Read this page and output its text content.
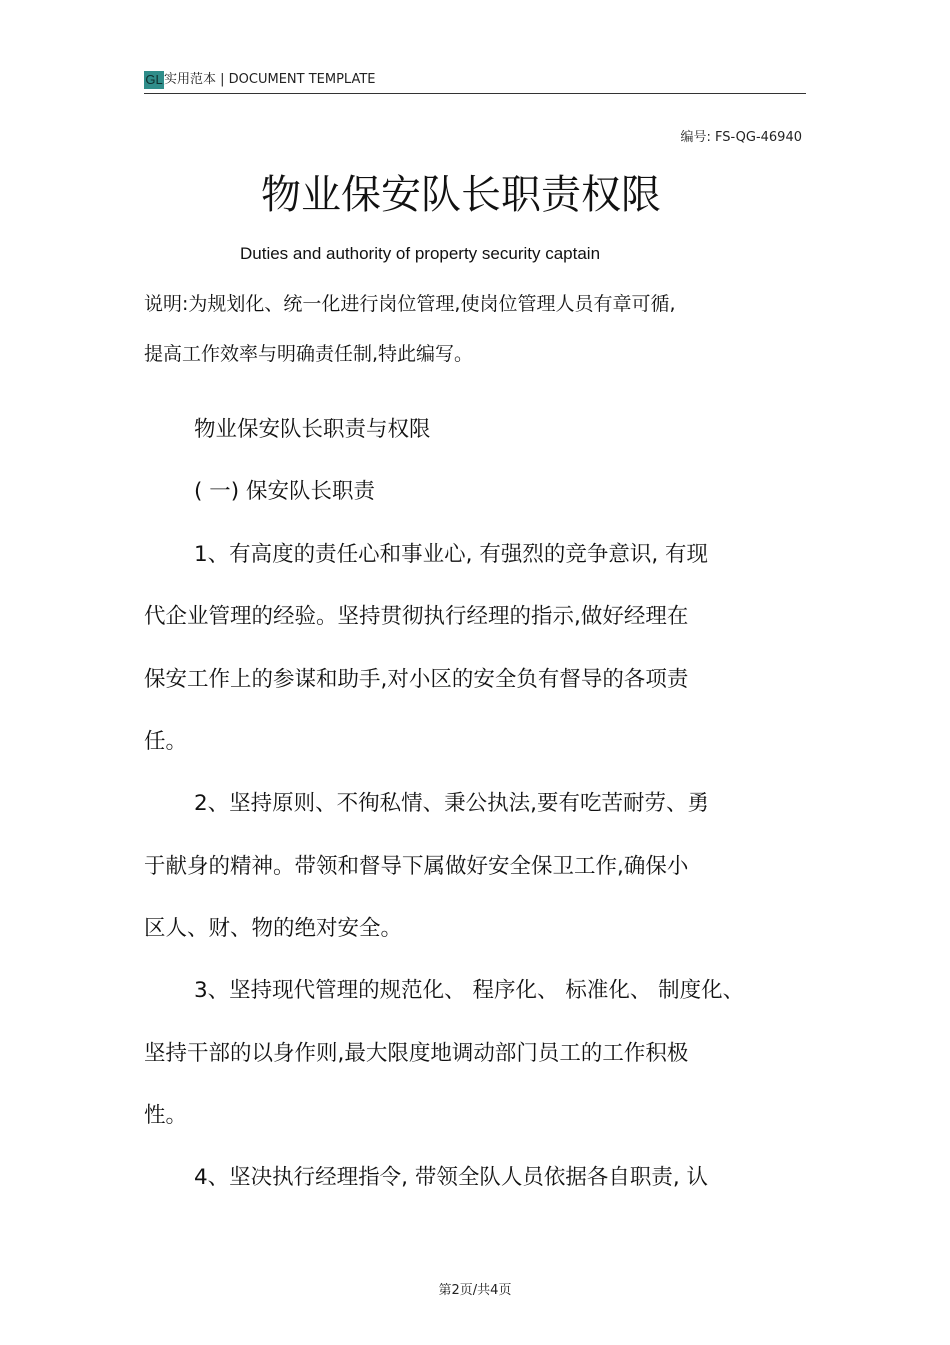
GL 实用范本 | DOCUMENT TEMPLATE
编号: FS-QG-46940
物业保安队长职责权限
Duties and authority of property security captain
说明:为规划化、统一化进行岗位管理,使岗位管理人员有章可循,
提高工作效率与明确责任制,特此编写。
物业保安队长职责与权限
( 一) 保安队长职责
1、有高度的责任心和事业心, 有强烈的竞争意识, 有现
代企业管理的经验。坚持贯彻执行经理的指示,做好经理在
保安工作上的参谋和助手,对小区的安全负有督导的各项责
任。
2、坚持原则、不徇私情、秉公执法,要有吃苦耐劳、勇
于献身的精神。带领和督导下属做好安全保卫工作,确保小
区人、财、物的绝对安全。
3、坚持现代管理的规范化、 程序化、 标准化、 制度化、
坚持干部的以身作则,最大限度地调动部门员工的工作积极
性。
4、坚决执行经理指令, 带领全队人员依据各自职责, 认
第2页/共4页
